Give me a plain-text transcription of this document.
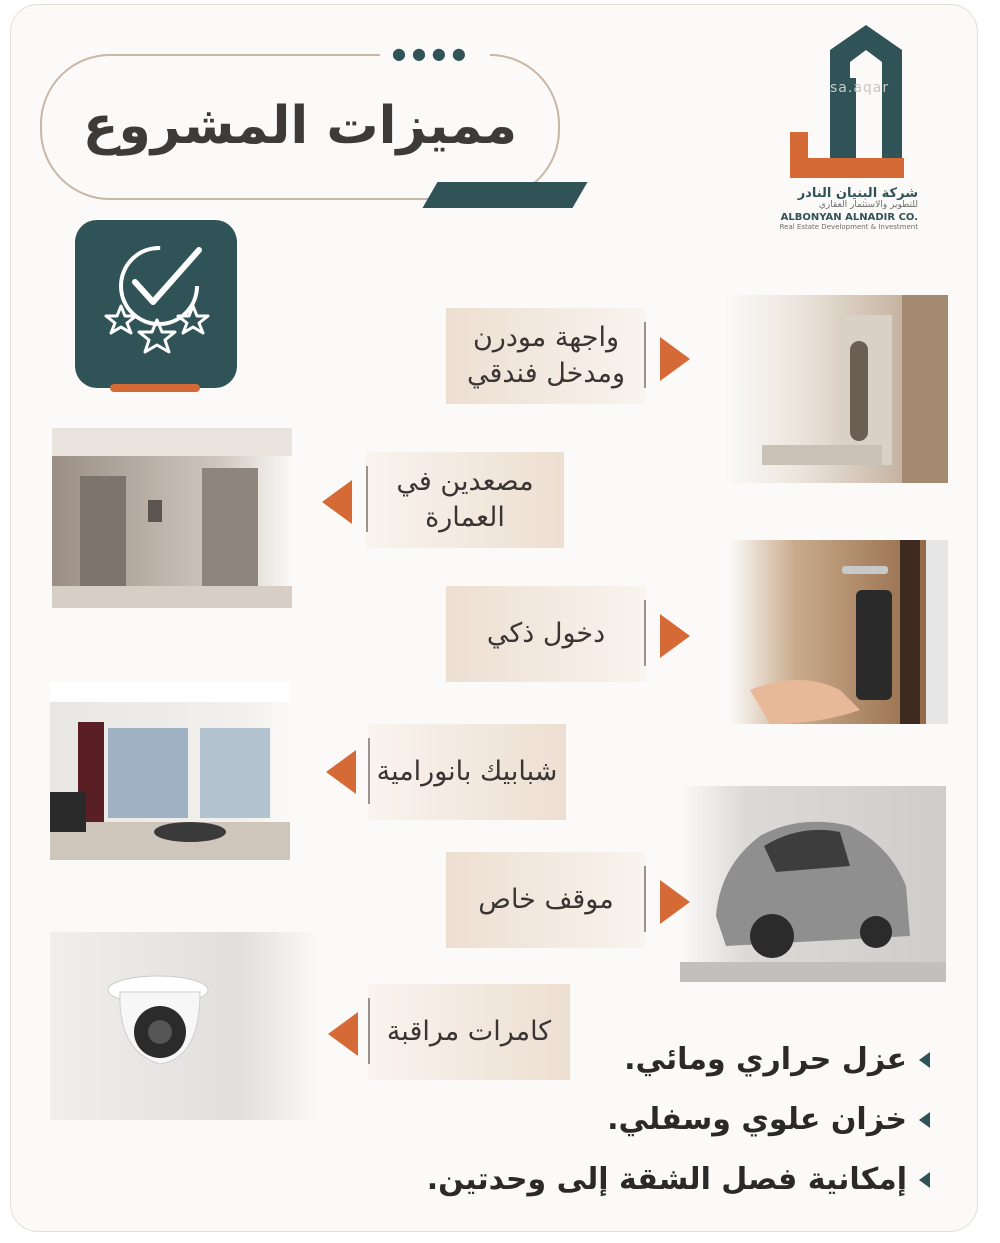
●●●●
مميزات المشروع
sa.aqar
شركة البنيان النادر
للتطوير والاستثمار العقاري
ALBONYAN ALNADIR CO.
Real Estate Development & Investment
واجهة مودرن ومدخل فندقي
مصعدين في العمارة
دخول ذكي
شبابيك بانورامية
موقف خاص
كامرات مراقبة
عزل حراري ومائي.
خزان علوي وسفلي.
إمكانية فصل الشقة إلى وحدتين.
